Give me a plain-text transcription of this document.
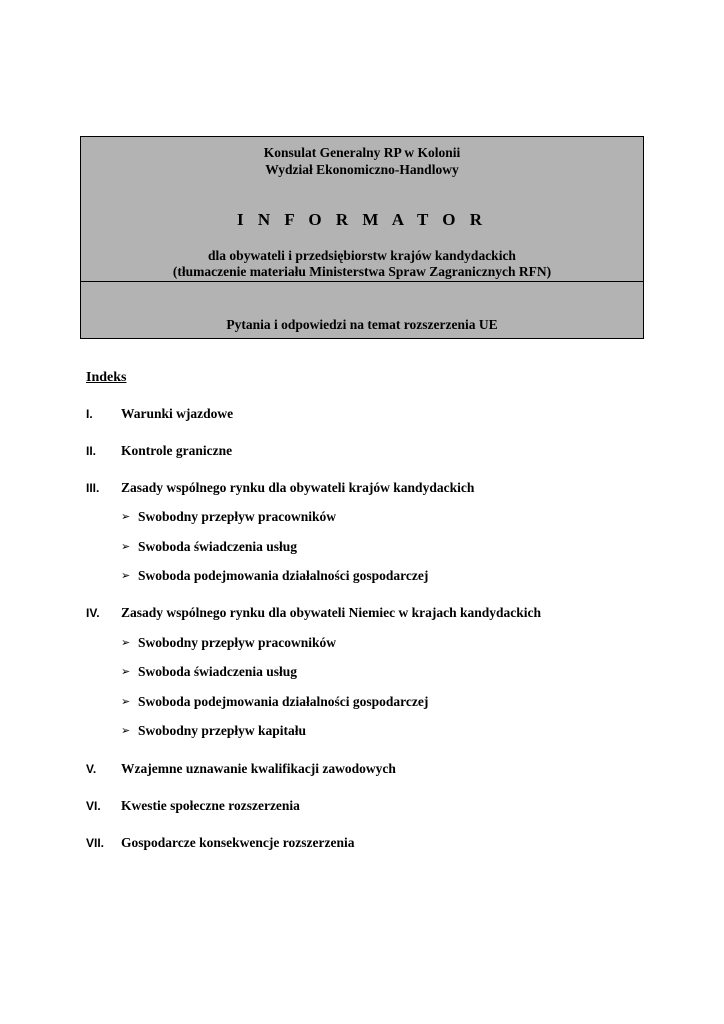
Konsulat Generalny RP w Kolonii
Wydział Ekonomiczno-Handlowy
I N F O R M A T O R
dla obywateli i przedsiębiorstw krajów kandydackich
(tłumaczenie materiału Ministerstwa Spraw Zagranicznych RFN)
Pytania i odpowiedzi na temat rozszerzenia UE
Indeks
I. Warunki wjazdowe
II. Kontrole graniczne
III. Zasady wspólnego rynku dla obywateli krajów kandydackich
➢ Swobodny przepływ pracowników
➢ Swoboda świadczenia usług
➢ Swoboda podejmowania działalności gospodarczej
IV. Zasady wspólnego rynku dla obywateli Niemiec w krajach kandydackich
➢ Swobodny przepływ pracowników
➢ Swoboda świadczenia usług
➢ Swoboda podejmowania działalności gospodarczej
➢ Swobodny przepływ kapitału
V. Wzajemne uznawanie kwalifikacji zawodowych
VI. Kwestie społeczne rozszerzenia
VII. Gospodarcze konsekwencje rozszerzenia
